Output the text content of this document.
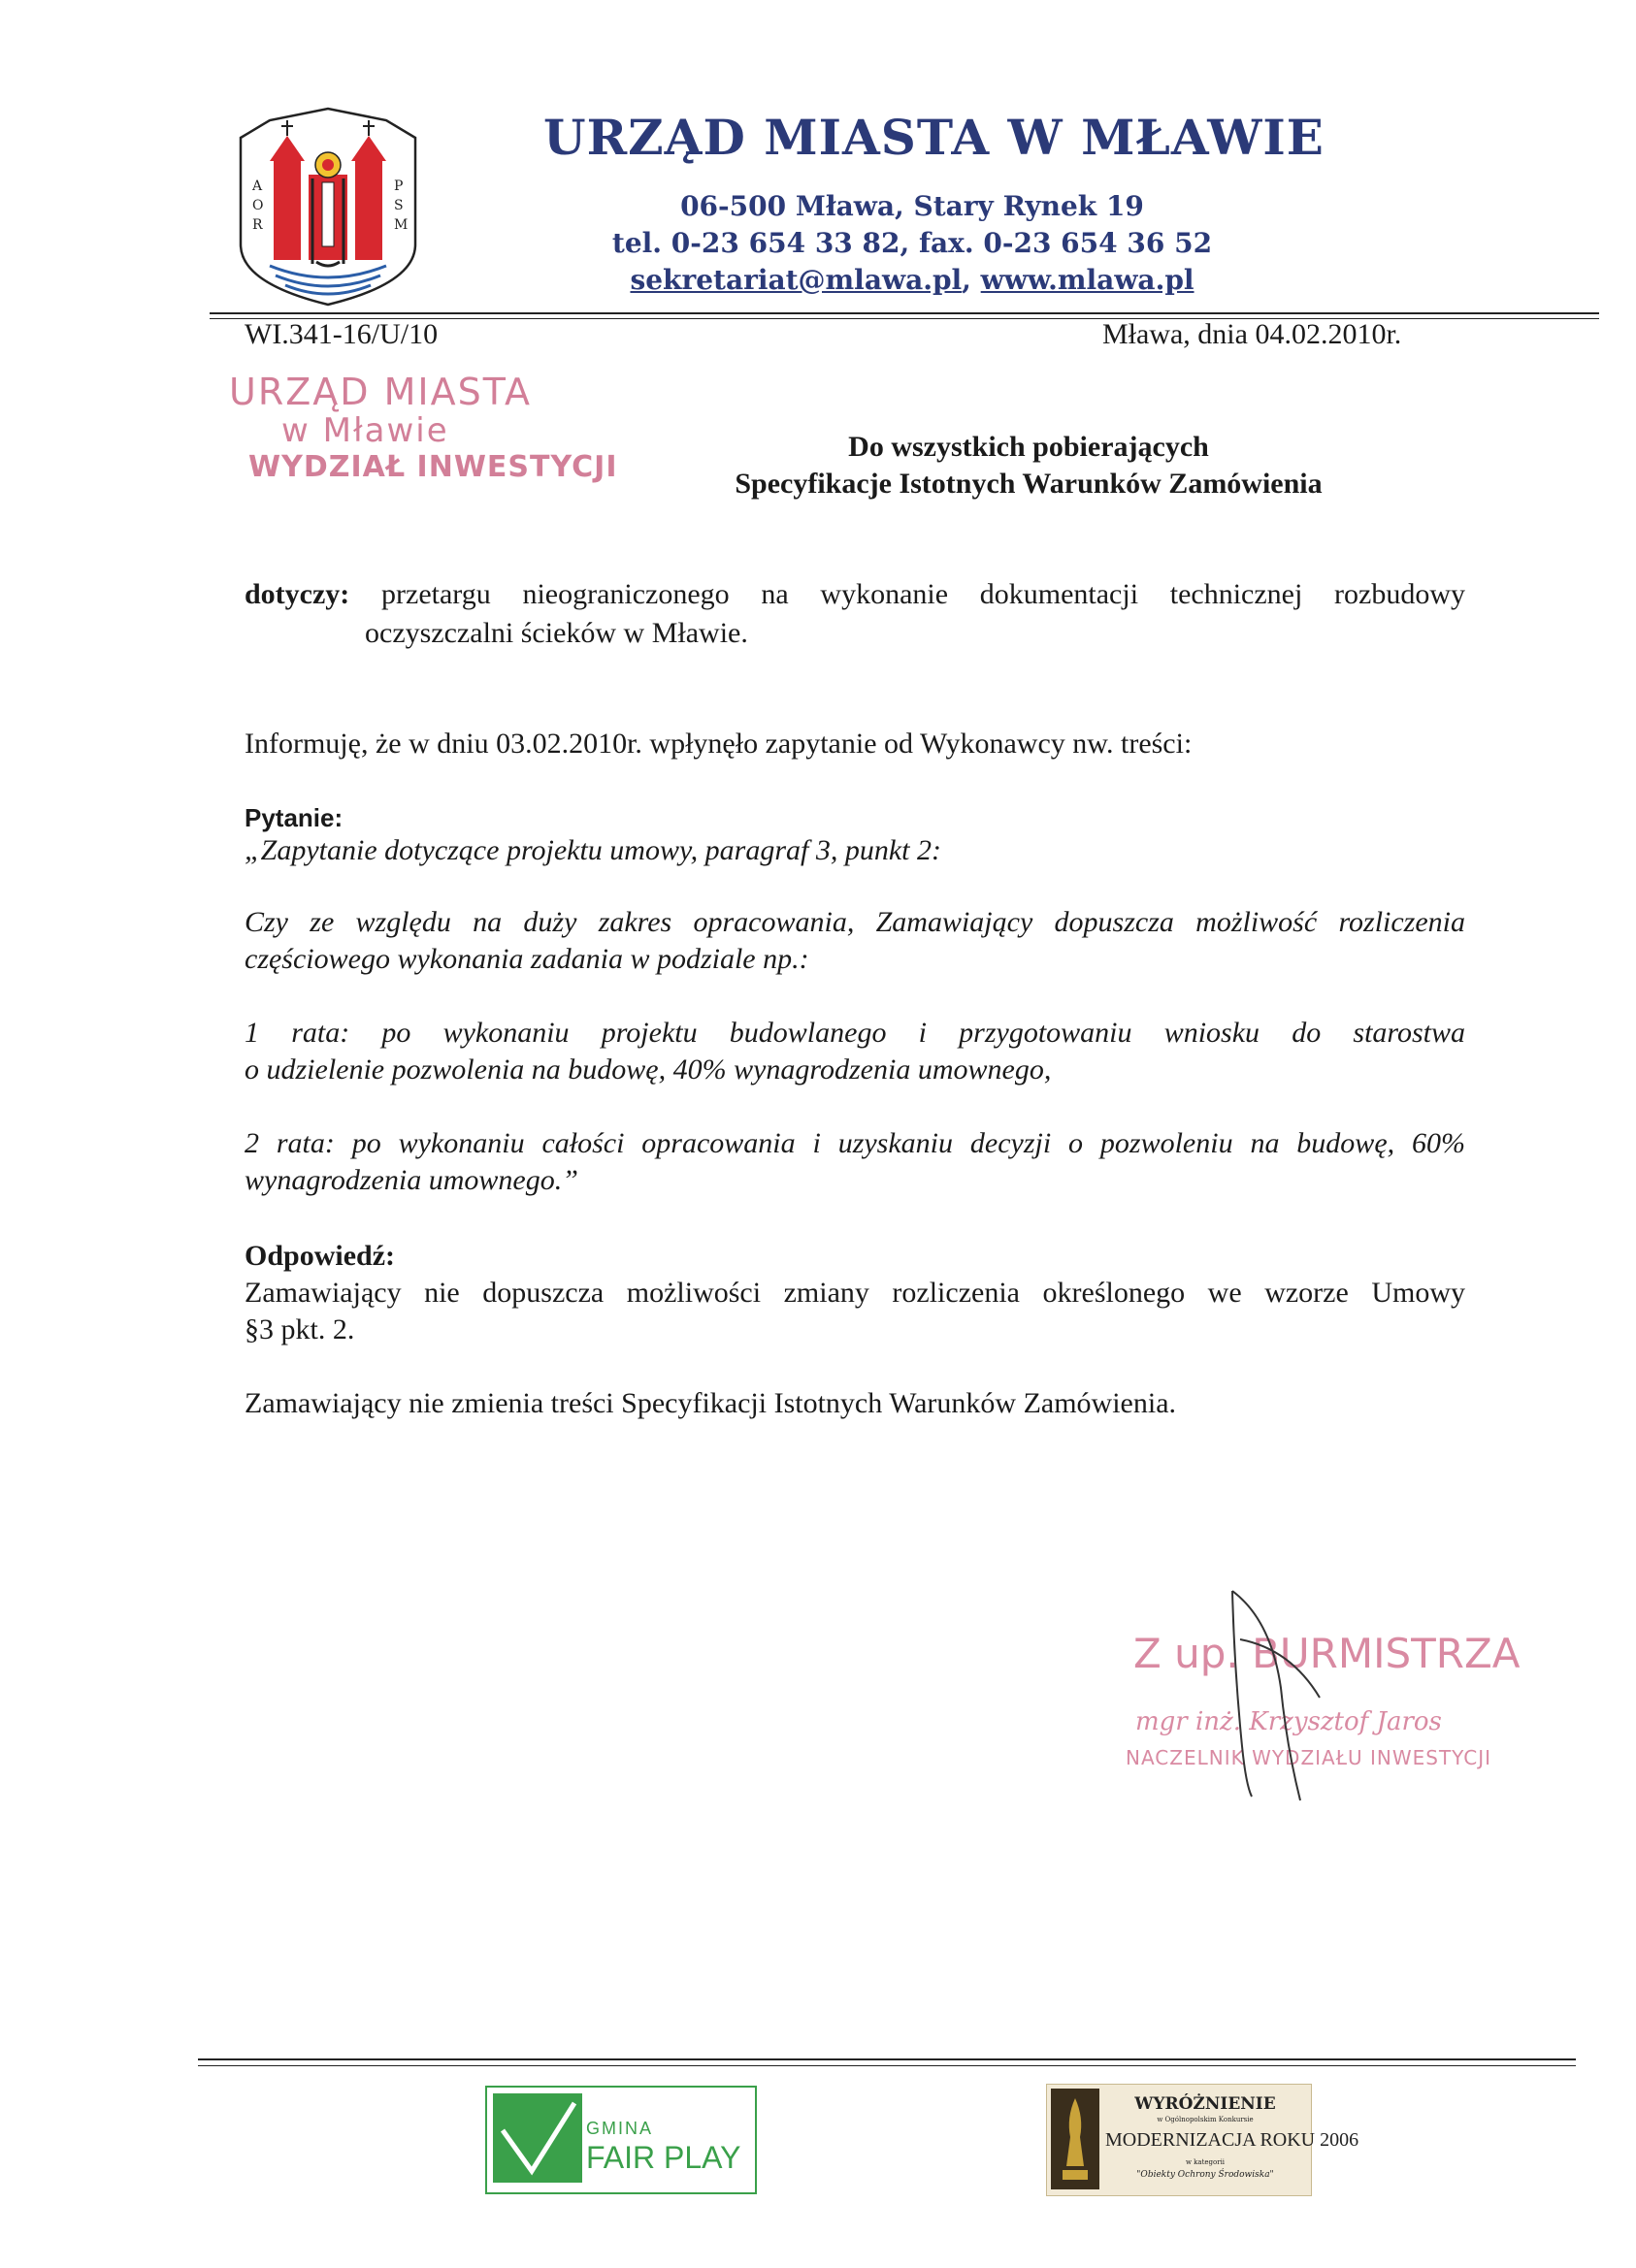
A
O
R
P
S
M
URZĄD MIASTA W MŁAWIE
06-500 Mława, Stary Rynek 19
tel. 0-23 654 33 82, fax. 0-23 654 36 52
sekretariat@mlawa.pl, www.mlawa.pl
WI.341-16/U/10	Mława, dnia 04.02.2010r.
URZĄD MIASTA
w Mławie
WYDZIAŁ INWESTYCJI
Do wszystkich pobierających
Specyfikacje Istotnych Warunków Zamówienia
dotyczy: przetargu nieograniczonego na wykonanie dokumentacji technicznej rozbudowy
oczyszczalni ścieków w Mławie.
Informuję, że w dniu 03.02.2010r. wpłynęło zapytanie od Wykonawcy nw. treści:
Pytanie:
„Zapytanie dotyczące projektu umowy, paragraf 3, punkt 2:
Czy ze względu na duży zakres opracowania, Zamawiający dopuszcza możliwość rozliczenia
częściowego wykonania zadania w podziale np.:
1 rata: po wykonaniu projektu budowlanego i przygotowaniu wniosku do starostwa
o udzielenie pozwolenia na budowę, 40% wynagrodzenia umownego,
2 rata: po wykonaniu całości opracowania i uzyskaniu decyzji o pozwoleniu na budowę, 60%
wynagrodzenia umownego.”
Odpowiedź:
Zamawiający nie dopuszcza możliwości zmiany rozliczenia określonego we wzorze Umowy
§3 pkt. 2.
Zamawiający nie zmienia treści Specyfikacji Istotnych Warunków Zamówienia.
Z up. BURMISTRZA
mgr inż. Krzysztof Jaros
NACZELNIK WYDZIAŁU INWESTYCJI
GMINA
FAIR PLAY
WYRÓŻNIENIE
w Ogólnopolskim Konkursie
MODERNIZACJA ROKU 2006
w kategorii
"Obiekty Ochrony Środowiska"
